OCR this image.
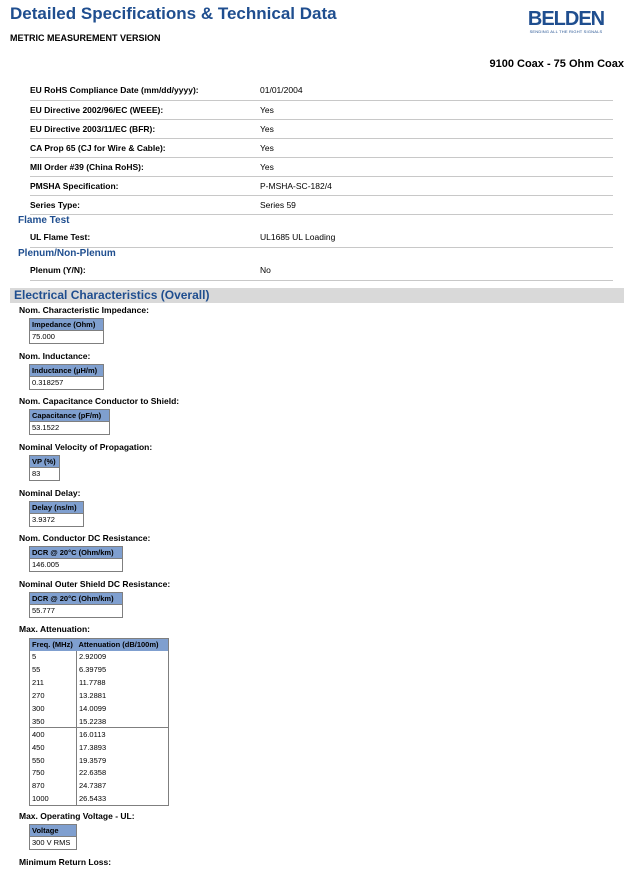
Detailed Specifications & Technical Data
METRIC MEASUREMENT VERSION
BELDEN
SENDING ALL THE RIGHT SIGNALS
9100 Coax - 75 Ohm Coax
EU RoHS Compliance Date (mm/dd/yyyy):	01/01/2004
EU Directive 2002/96/EC (WEEE):	Yes
EU Directive 2003/11/EC (BFR):	Yes
CA Prop 65 (CJ for Wire & Cable):	Yes
MII Order #39 (China RoHS):	Yes
PMSHA Specification:	P-MSHA-SC-182/4
Series Type:	Series 59
Flame Test
UL Flame Test:	UL1685 UL Loading
Plenum/Non-Plenum
Plenum (Y/N):	No
Electrical Characteristics (Overall)
Nom. Characteristic Impedance:
Impedance (Ohm)
75.000
Nom. Inductance:
Inductance (µH/m)
0.318257
Nom. Capacitance Conductor to Shield:
Capacitance (pF/m)
53.1522
Nominal Velocity of Propagation:
VP (%)
83
Nominal Delay:
Delay (ns/m)
3.9372
Nom. Conductor DC Resistance:
DCR @ 20°C (Ohm/km)
146.005
Nominal Outer Shield DC Resistance:
DCR @ 20°C (Ohm/km)
55.777
Max. Attenuation:
Freq. (MHz)	Attenuation (dB/100m)
5	2.92009
55	6.39795
211	11.7788
270	13.2881
300	14.0099
350	15.2238
400	16.0113
450	17.3893
550	19.3579
750	22.6358
870	24.7387
1000	26.5433
Max. Operating Voltage - UL:
Voltage
300 V RMS
Minimum Return Loss:
